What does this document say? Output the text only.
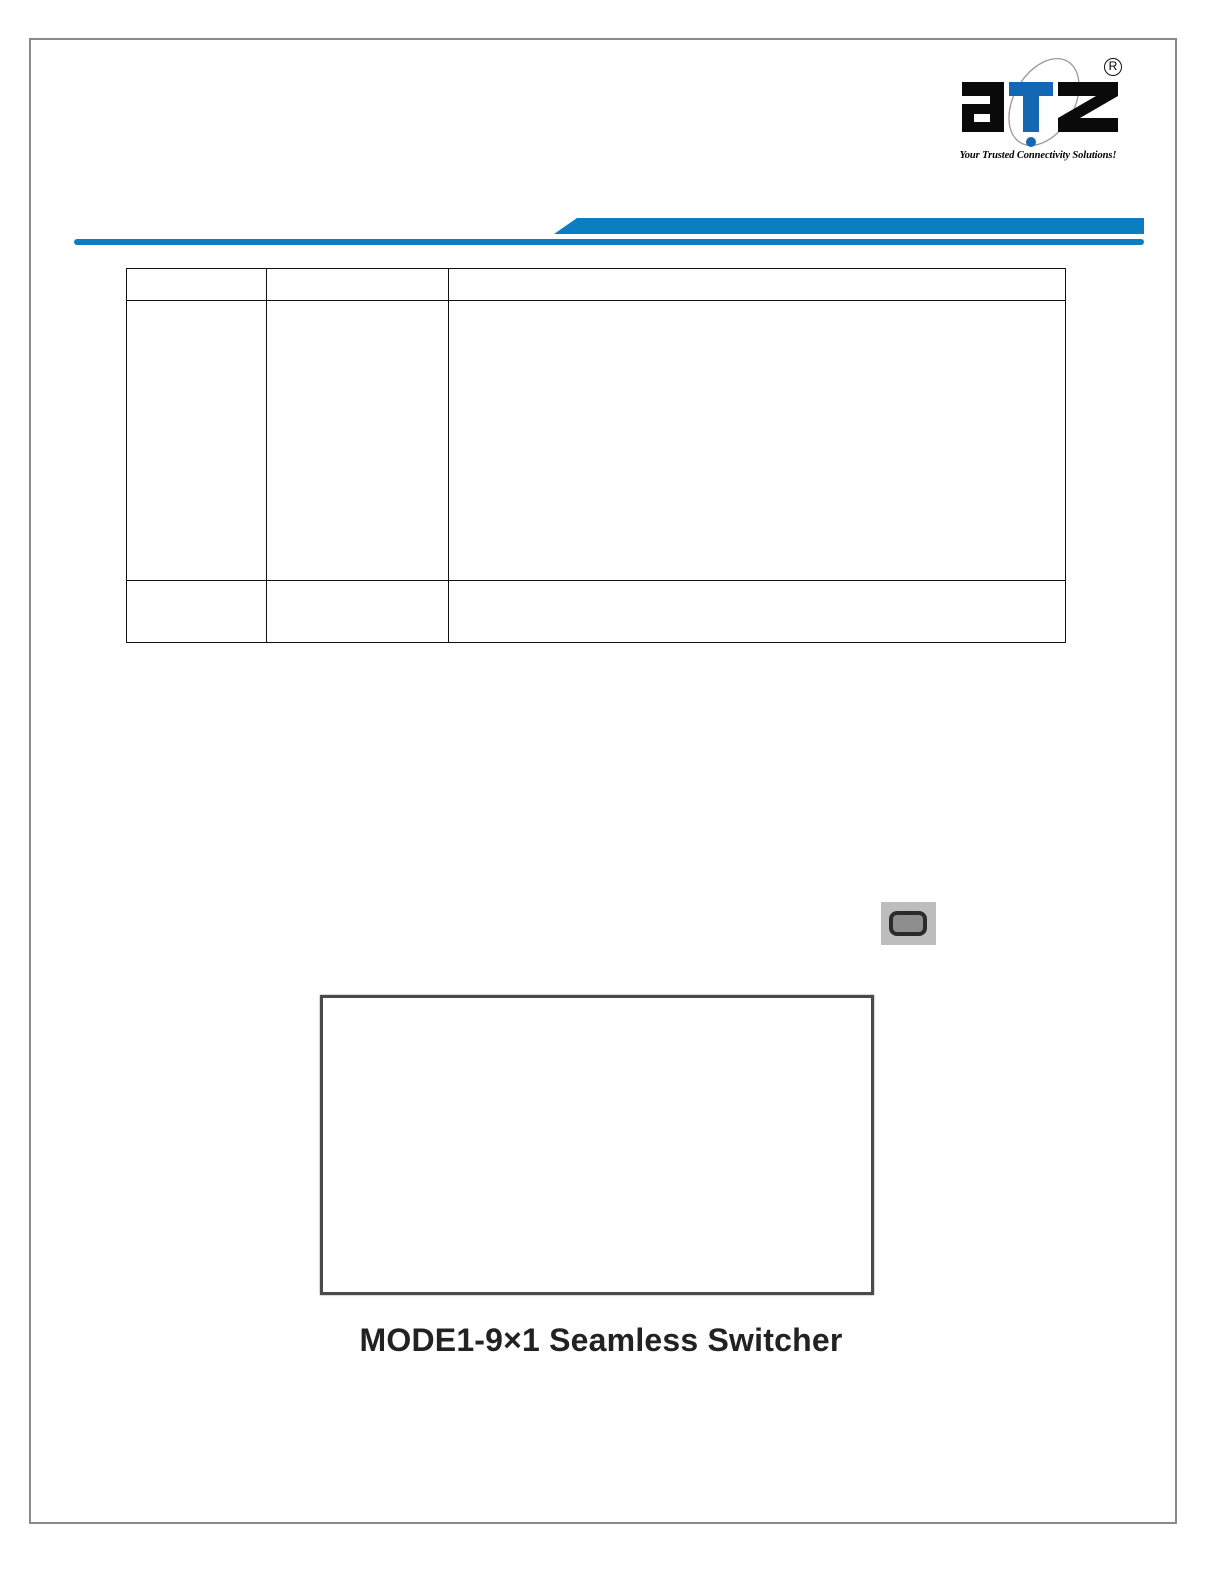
R
Your Trusted Connectivity Solutions!

MODE1-9×1 Seamless Switcher
